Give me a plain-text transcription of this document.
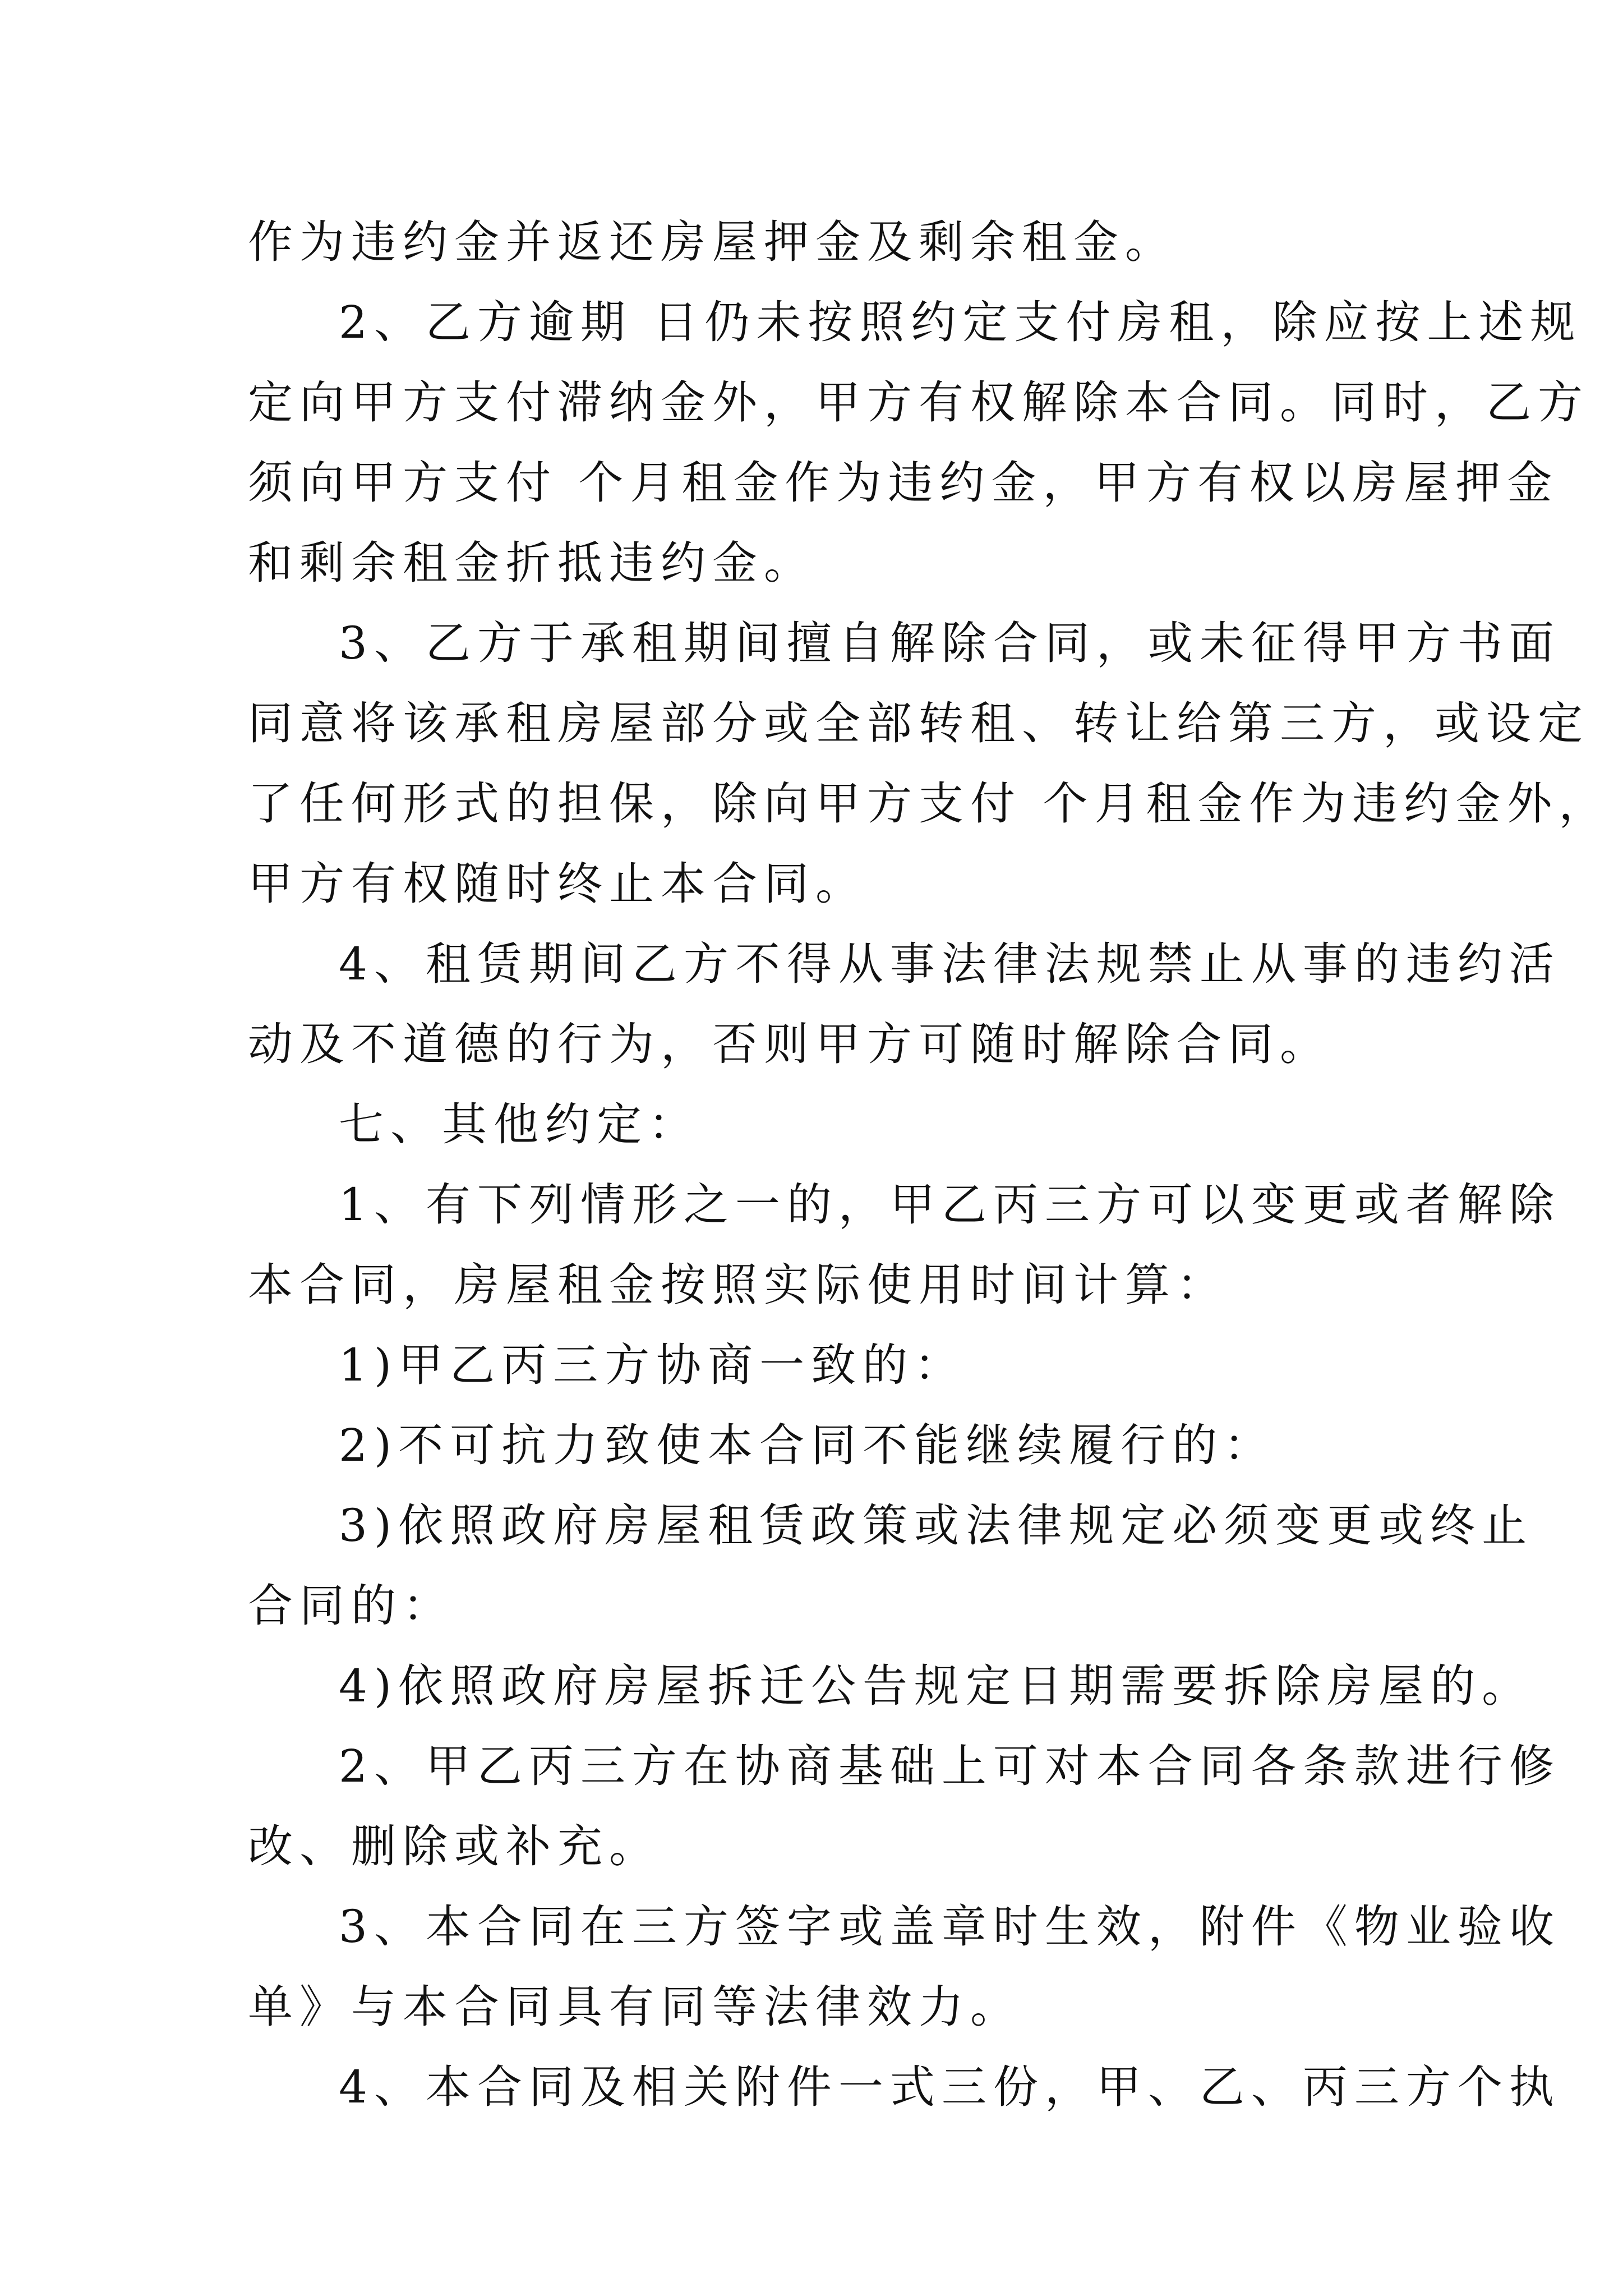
作为违约金并返还房屋押金及剩余租金。
2、乙方逾期 日仍未按照约定支付房租，除应按上述规
定向甲方支付滞纳金外，甲方有权解除本合同。同时，乙方
须向甲方支付 个月租金作为违约金，甲方有权以房屋押金
和剩余租金折抵违约金。
3、乙方于承租期间擅自解除合同，或未征得甲方书面
同意将该承租房屋部分或全部转租、转让给第三方，或设定
了任何形式的担保，除向甲方支付 个月租金作为违约金外，
甲方有权随时终止本合同。
4、租赁期间乙方不得从事法律法规禁止从事的违约活
动及不道德的行为，否则甲方可随时解除合同。
七、其他约定：
1、有下列情形之一的，甲乙丙三方可以变更或者解除
本合同，房屋租金按照实际使用时间计算：
1)甲乙丙三方协商一致的：
2)不可抗力致使本合同不能继续履行的：
3)依照政府房屋租赁政策或法律规定必须变更或终止
合同的：
4)依照政府房屋拆迁公告规定日期需要拆除房屋的。
2、甲乙丙三方在协商基础上可对本合同各条款进行修
改、删除或补充。
3、本合同在三方签字或盖章时生效，附件《物业验收
单》与本合同具有同等法律效力。
4、本合同及相关附件一式三份，甲、乙、丙三方个执
